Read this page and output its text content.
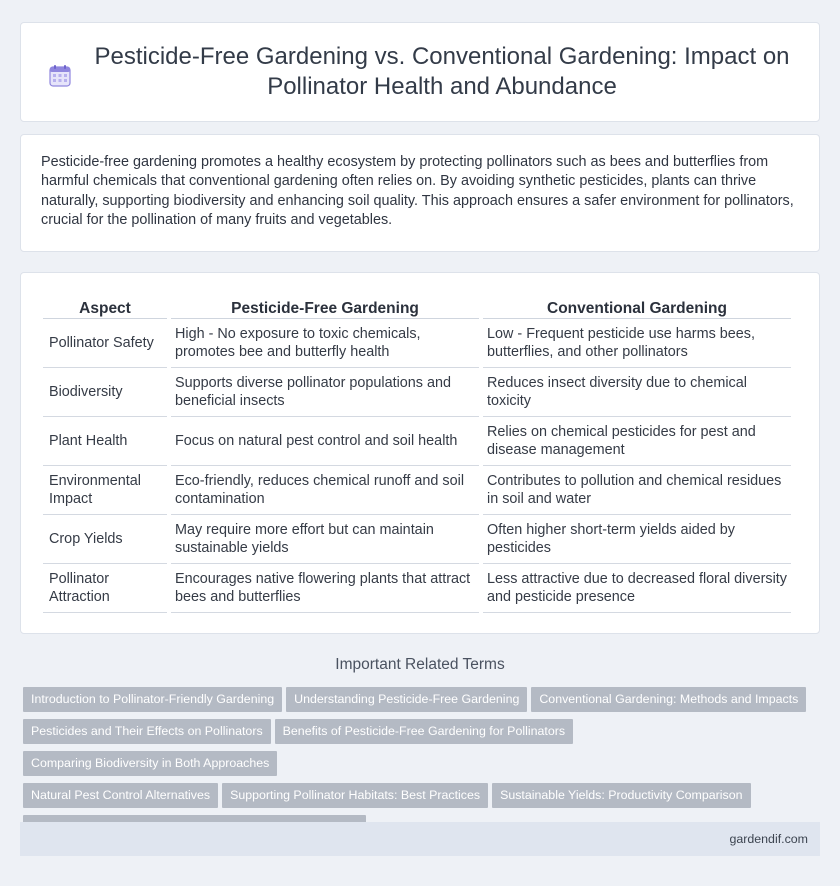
Pesticide-Free Gardening vs. Conventional Gardening: Impact on Pollinator Health and Abundance

Pesticide-free gardening promotes a healthy ecosystem by protecting pollinators such as bees and butterflies from harmful chemicals that conventional gardening often relies on. By avoiding synthetic pesticides, plants can thrive naturally, supporting biodiversity and enhancing soil quality. This approach ensures a safer environment for pollinators, crucial for the pollination of many fruits and vegetables.

Aspect	Pesticide-Free Gardening	Conventional Gardening
Pollinator Safety	High - No exposure to toxic chemicals, promotes bee and butterfly health	Low - Frequent pesticide use harms bees, butterflies, and other pollinators
Biodiversity	Supports diverse pollinator populations and beneficial insects	Reduces insect diversity due to chemical toxicity
Plant Health	Focus on natural pest control and soil health	Relies on chemical pesticides for pest and disease management
Environmental Impact	Eco-friendly, reduces chemical runoff and soil contamination	Contributes to pollution and chemical residues in soil and water
Crop Yields	May require more effort but can maintain sustainable yields	Often higher short-term yields aided by pesticides
Pollinator Attraction	Encourages native flowering plants that attract bees and butterflies	Less attractive due to decreased floral diversity and pesticide presence
Important Related Terms
Introduction to Pollinator-Friendly Gardening Understanding Pesticide-Free Gardening Conventional Gardening: Methods and Impacts
Pesticides and Their Effects on Pollinators Benefits of Pesticide-Free Gardening for PollinatorsComparing Biodiversity in Both Approaches
Natural Pest Control Alternatives Supporting Pollinator Habitats: Best Practices Sustainable Yields: Productivity Comparison

gardendif.com
